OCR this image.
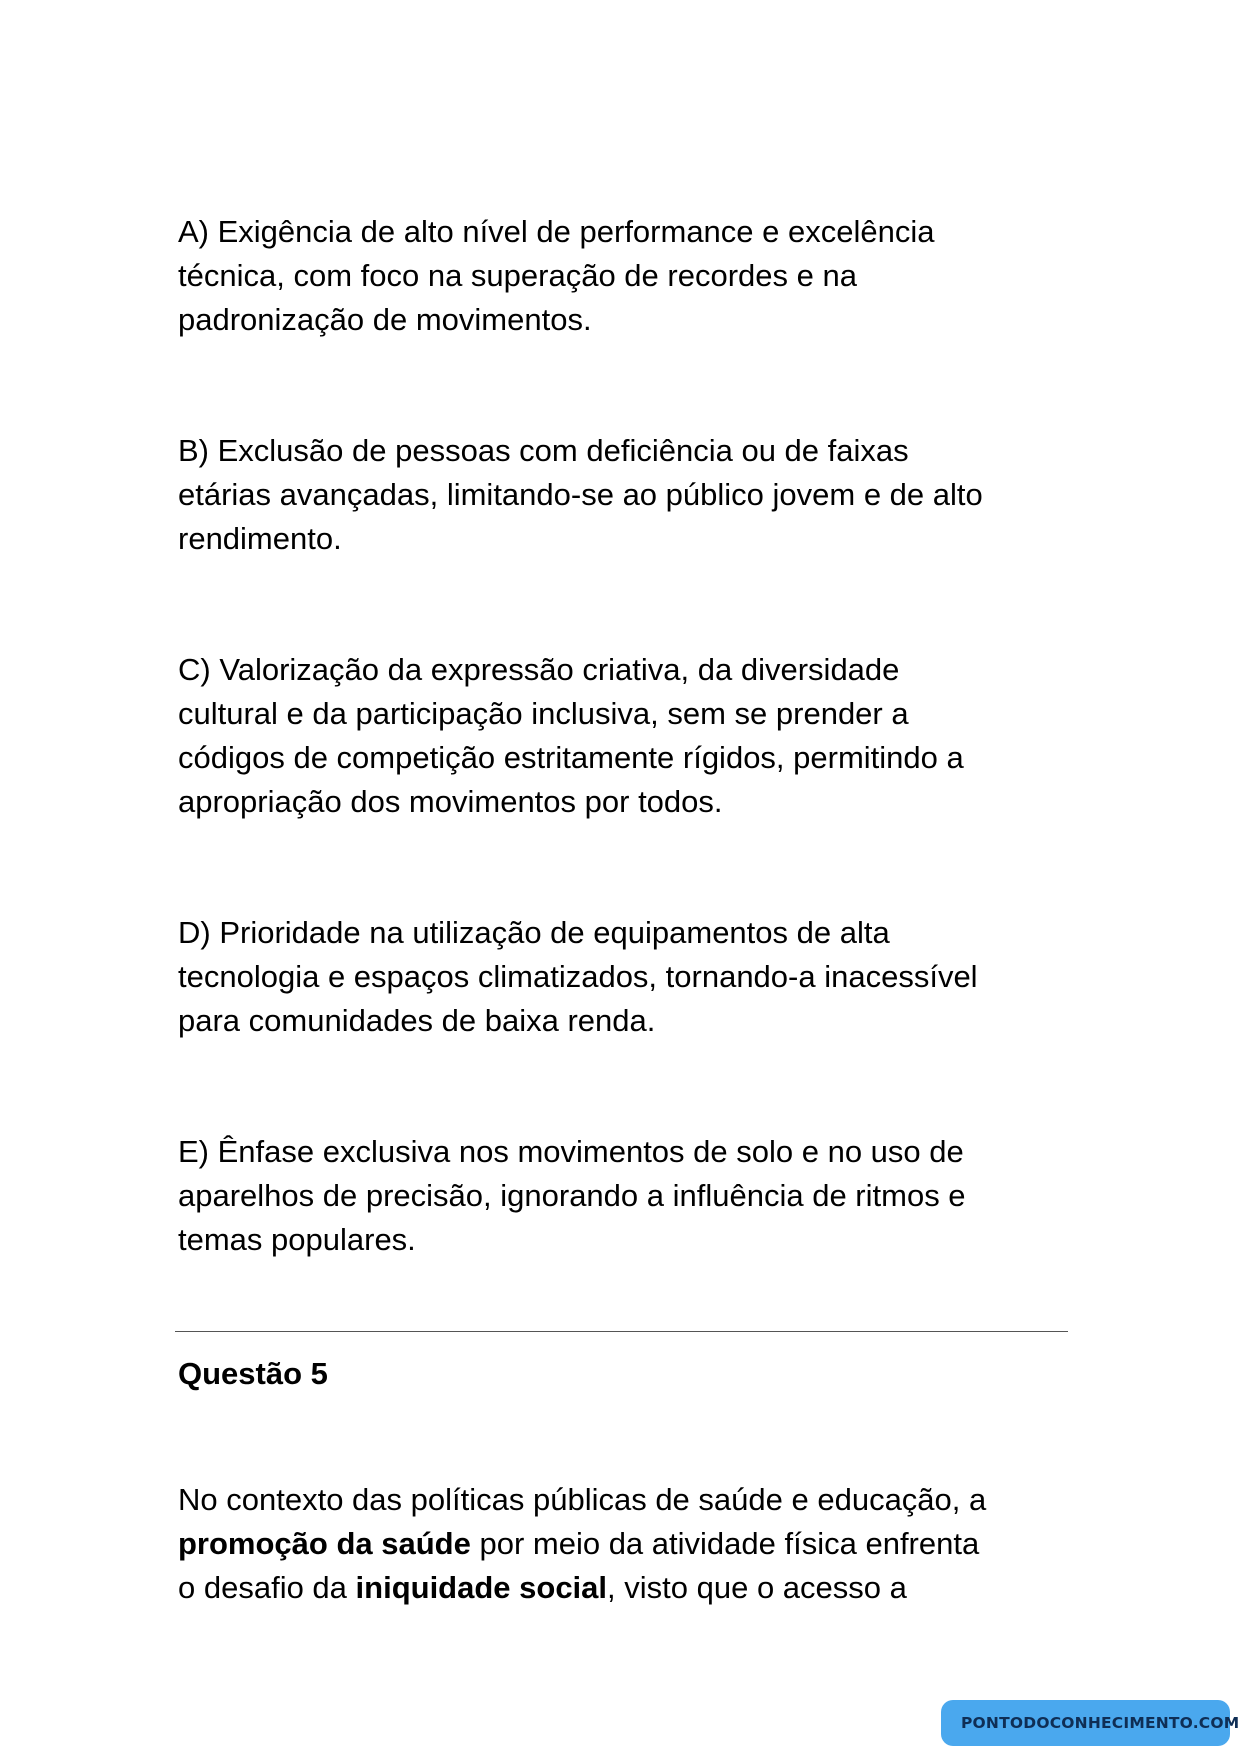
A) Exigência de alto nível de performance e excelência
técnica, com foco na superação de recordes e na
padronização de movimentos.

B) Exclusão de pessoas com deficiência ou de faixas
etárias avançadas, limitando-se ao público jovem e de alto
rendimento.

C) Valorização da expressão criativa, da diversidade
cultural e da participação inclusiva, sem se prender a
códigos de competição estritamente rígidos, permitindo a
apropriação dos movimentos por todos.

D) Prioridade na utilização de equipamentos de alta
tecnologia e espaços climatizados, tornando-a inacessível
para comunidades de baixa renda.

E) Ênfase exclusiva nos movimentos de solo e no uso de
aparelhos de precisão, ignorando a influência de ritmos e
temas populares.

Questão 5

No contexto das políticas públicas de saúde e educação, a
promoção da saúde por meio da atividade física enfrenta
o desafio da iniquidade social, visto que o acesso a

PONTODOCONHECIMENTO.COM
